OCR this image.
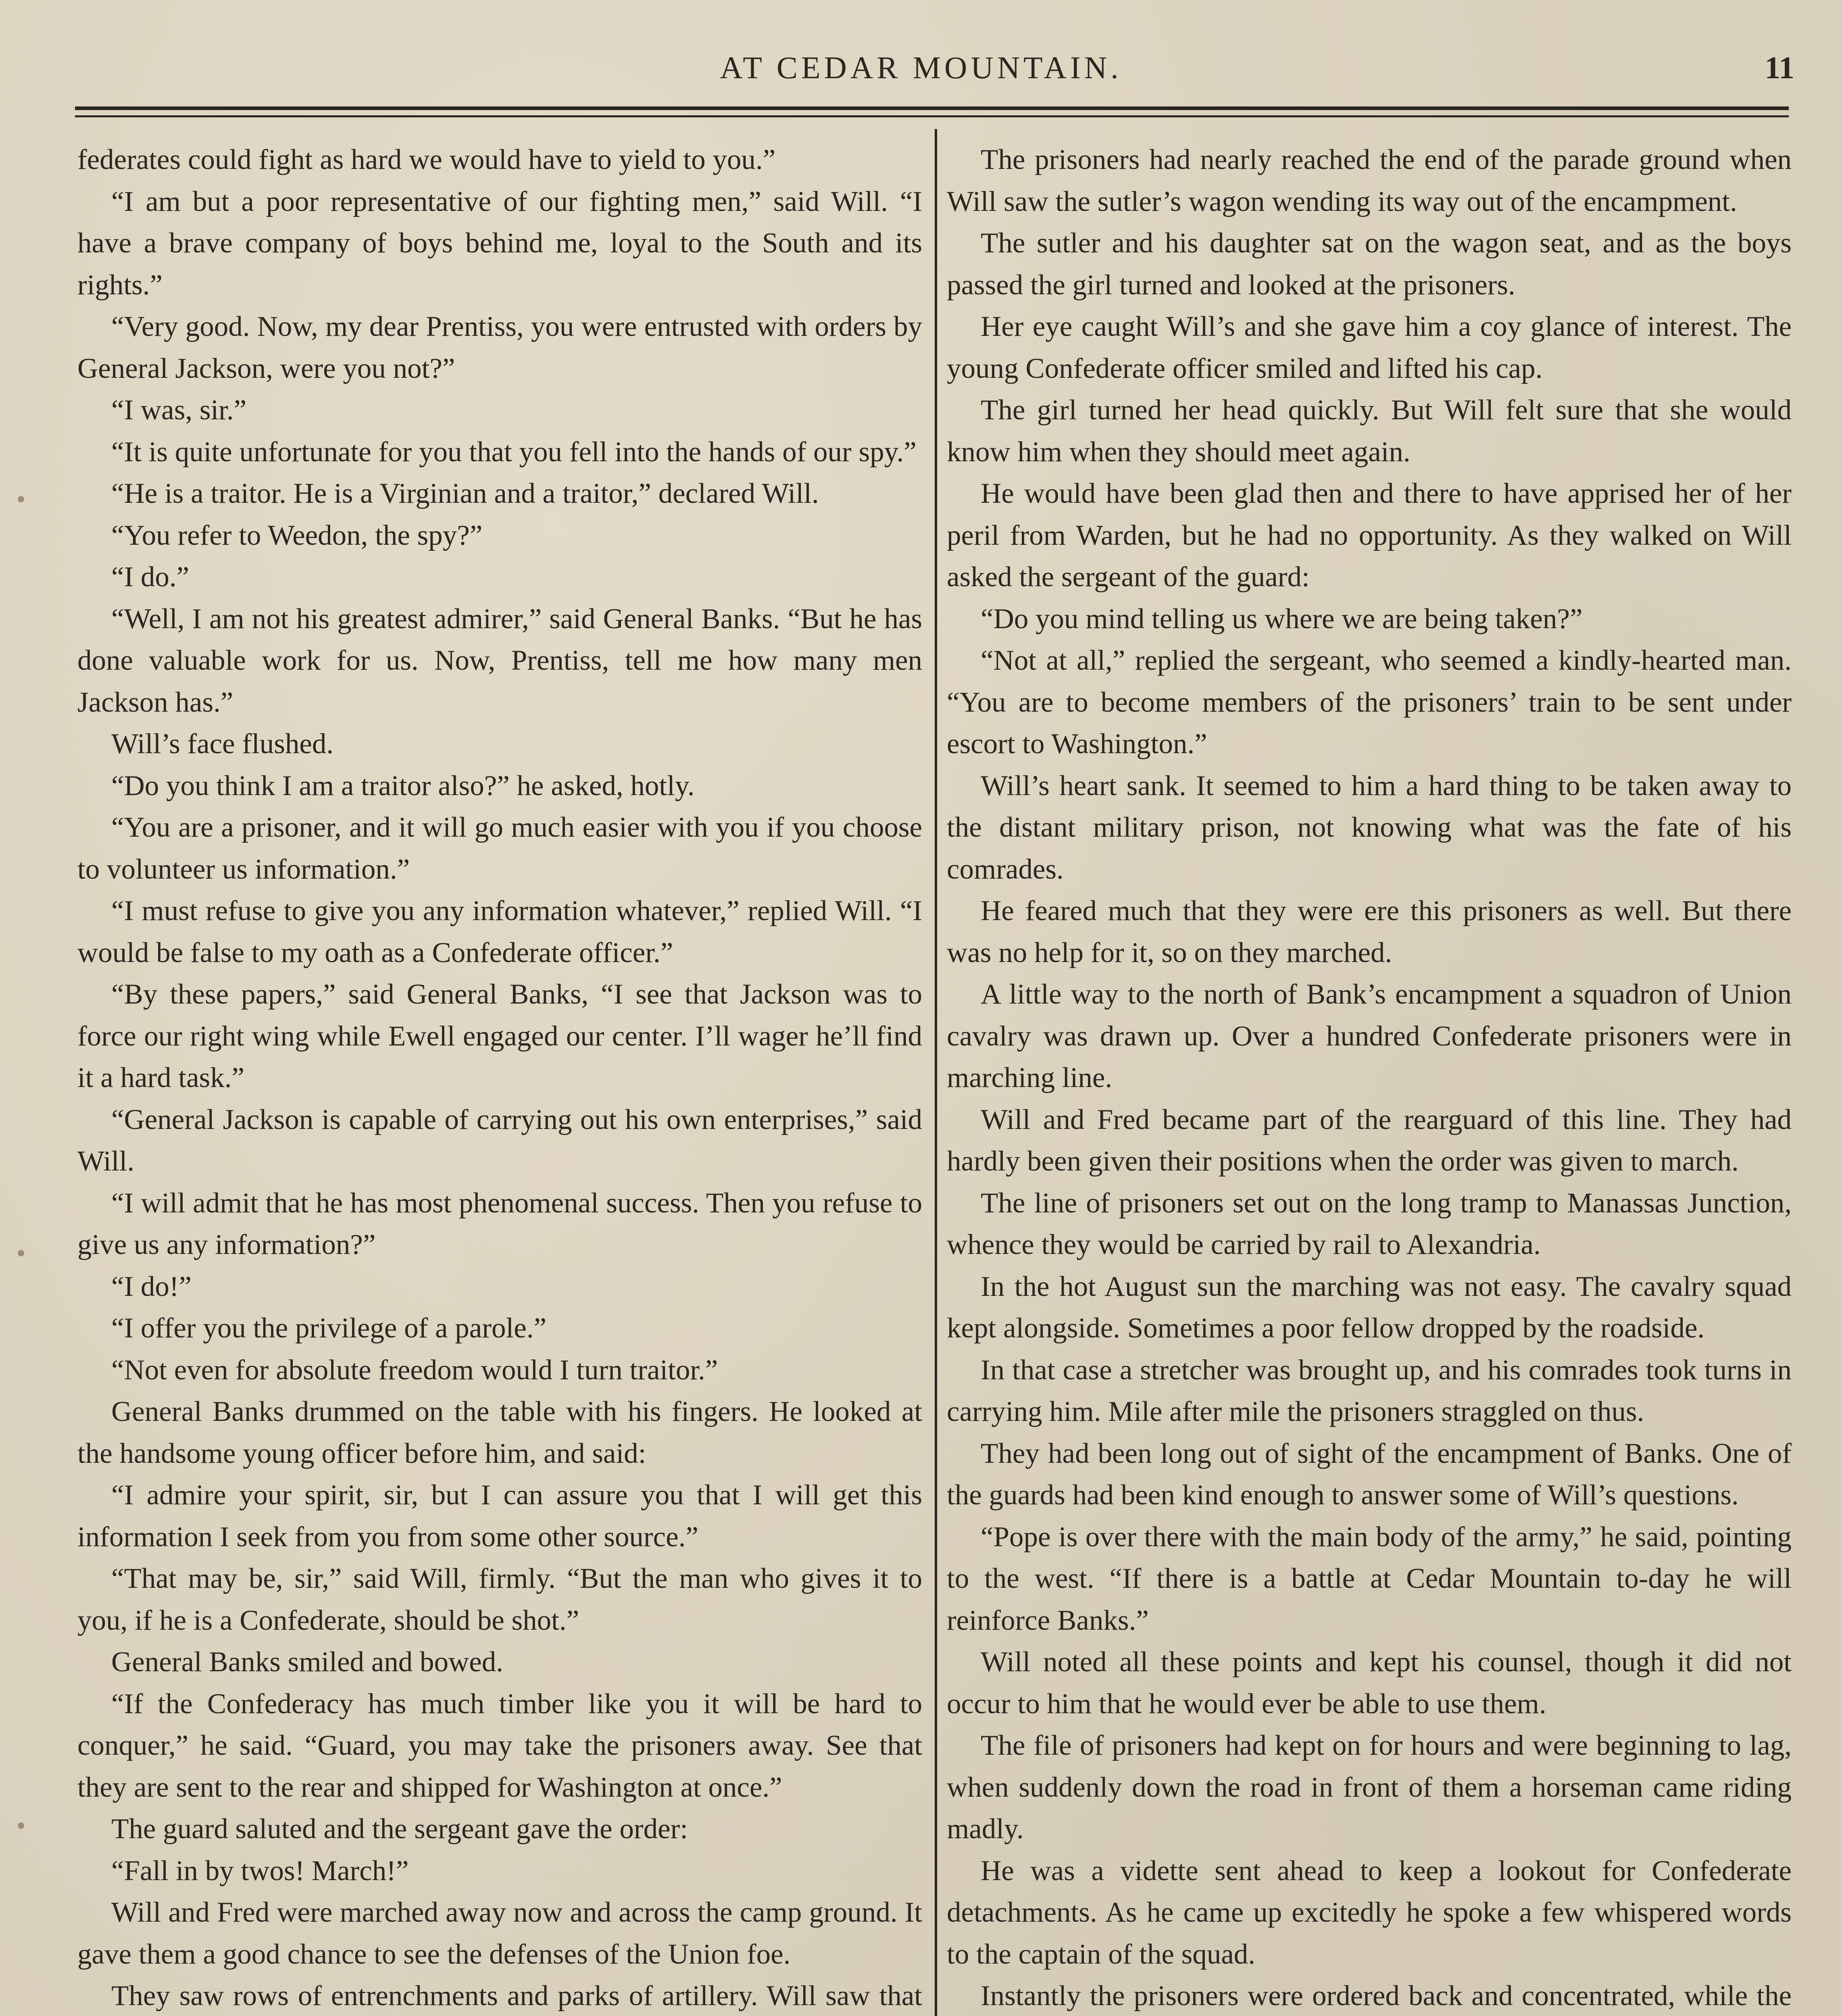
AT CEDAR MOUNTAIN.	11

federates could fight as hard we would have to yield to you.”

“I am but a poor representative of our fighting men,” said Will. “I have a brave company of boys behind me, loyal to the South and its rights.”

“Very good. Now, my dear Prentiss, you were entrusted with orders by General Jackson, were you not?”

“I was, sir.”

“It is quite unfortunate for you that you fell into the hands of our spy.”

“He is a traitor. He is a Virginian and a traitor,” declared Will.

“You refer to Weedon, the spy?”

“I do.”

“Well, I am not his greatest admirer,” said General Banks. “But he has done valuable work for us. Now, Prentiss, tell me how many men Jackson has.”

Will’s face flushed.

“Do you think I am a traitor also?” he asked, hotly.

“You are a prisoner, and it will go much easier with you if you choose to volunteer us information.”

“I must refuse to give you any information whatever,” replied Will. “I would be false to my oath as a Confederate officer.”

“By these papers,” said General Banks, “I see that Jackson was to force our right wing while Ewell engaged our center. I’ll wager he’ll find it a hard task.”

“General Jackson is capable of carrying out his own enterprises,” said Will.

“I will admit that he has most phenomenal success. Then you refuse to give us any information?”

“I do!”

“I offer you the privilege of a parole.”

“Not even for absolute freedom would I turn traitor.”

General Banks drummed on the table with his fingers. He looked at the handsome young officer before him, and said:

“I admire your spirit, sir, but I can assure you that I will get this information I seek from you from some other source.”

“That may be, sir,” said Will, firmly. “But the man who gives it to you, if he is a Confederate, should be shot.”

General Banks smiled and bowed.

“If the Confederacy has much timber like you it will be hard to conquer,” he said. “Guard, you may take the prisoners away. See that they are sent to the rear and shipped for Washington at once.”

The guard saluted and the sergeant gave the order:

“Fall in by twos! March!”

Will and Fred were marched away now and across the camp ground. It gave them a good chance to see the defenses of the Union foe.

They saw rows of entrenchments and parks of artillery. Will saw that

The prisoners had nearly reached the end of the parade ground when Will saw the sutler’s wagon wending its way out of the encampment.

The sutler and his daughter sat on the wagon seat, and as the boys passed the girl turned and looked at the prisoners.

Her eye caught Will’s and she gave him a coy glance of interest. The young Confederate officer smiled and lifted his cap.

The girl turned her head quickly. But Will felt sure that she would know him when they should meet again.

He would have been glad then and there to have apprised her of her peril from Warden, but he had no opportunity. As they walked on Will asked the sergeant of the guard:

“Do you mind telling us where we are being taken?”

“Not at all,” replied the sergeant, who seemed a kindly-hearted man. “You are to become members of the prisoners’ train to be sent under escort to Washington.”

Will’s heart sank. It seemed to him a hard thing to be taken away to the distant military prison, not knowing what was the fate of his comrades.

He feared much that they were ere this prisoners as well. But there was no help for it, so on they marched.

A little way to the north of Bank’s encampment a squadron of Union cavalry was drawn up. Over a hundred Confederate prisoners were in marching line.

Will and Fred became part of the rearguard of this line. They had hardly been given their positions when the order was given to march.

The line of prisoners set out on the long tramp to Manassas Junction, whence they would be carried by rail to Alexandria.

In the hot August sun the marching was not easy. The cavalry squad kept alongside. Sometimes a poor fellow dropped by the roadside.

In that case a stretcher was brought up, and his comrades took turns in carrying him. Mile after mile the prisoners straggled on thus.

They had been long out of sight of the encampment of Banks. One of the guards had been kind enough to answer some of Will’s questions.

“Pope is over there with the main body of the army,” he said, pointing to the west. “If there is a battle at Cedar Mountain to-day he will reinforce Banks.”

Will noted all these points and kept his counsel, though it did not occur to him that he would ever be able to use them.

The file of prisoners had kept on for hours and were beginning to lag, when suddenly down the road in front of them a horseman came riding madly.

He was a vidette sent ahead to keep a lookout for Confederate detachments. As he came up excitedly he spoke a few whispered words to the captain of the squad.

Instantly the prisoners were ordered back and concentrated, while the
